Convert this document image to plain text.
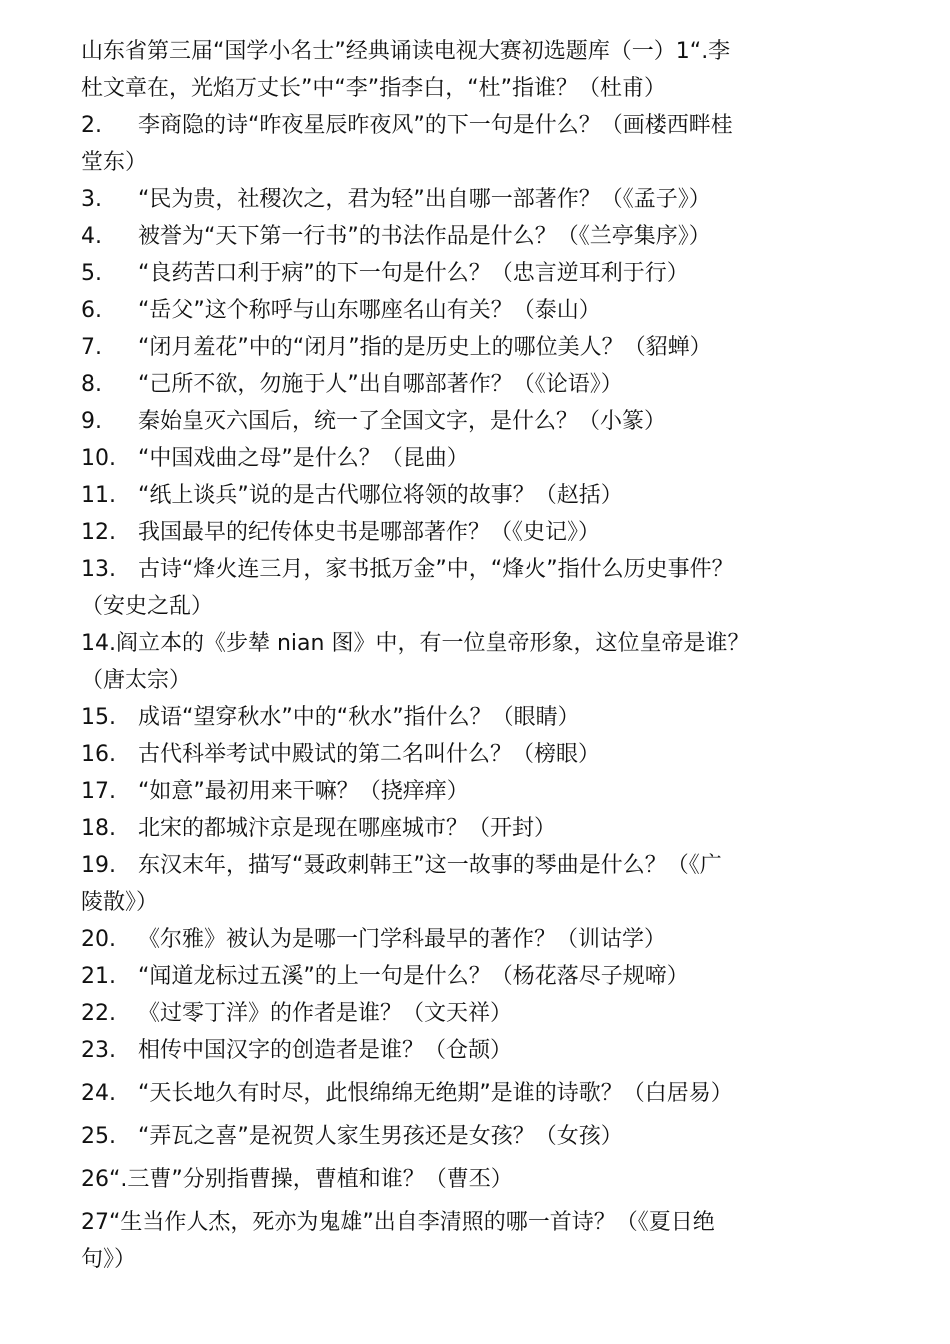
山东省第三届“国学小名士”经典诵读电视大赛初选题库（一）1“.李
杜文章在，光焰万丈长”中“李”指李白，“杜”指谁？（杜甫）
2. 李商隐的诗“昨夜星辰昨夜风”的下一句是什么？（画楼西畔桂
堂东）
3. “民为贵，社稷次之，君为轻”出自哪一部著作？（《孟子》）
4. 被誉为“天下第一行书”的书法作品是什么？（《兰亭集序》）
5. “良药苦口利于病”的下一句是什么？（忠言逆耳利于行）
6. “岳父”这个称呼与山东哪座名山有关？（泰山）
7. “闭月羞花”中的“闭月”指的是历史上的哪位美人？（貂蝉）
8. “己所不欲，勿施于人”出自哪部著作？（《论语》）
9. 秦始皇灭六国后，统一了全国文字，是什么？（小篆）
10. “中国戏曲之母”是什么？（昆曲）
11. “纸上谈兵”说的是古代哪位将领的故事？（赵括）
12. 我国最早的纪传体史书是哪部著作？（《史记》）
13. 古诗“烽火连三月，家书抵万金”中，“烽火”指什么历史事件？
（安史之乱）
14.阎立本的《步辇 nian 图》中，有一位皇帝形象，这位皇帝是谁？
（唐太宗）
15. 成语“望穿秋水”中的“秋水”指什么？（眼睛）
16. 古代科举考试中殿试的第二名叫什么？（榜眼）
17. “如意”最初用来干嘛？（挠痒痒）
18. 北宋的都城汴京是现在哪座城市？（开封）
19. 东汉末年，描写“聂政刺韩王”这一故事的琴曲是什么？（《广
陵散》）
20. 《尔雅》被认为是哪一门学科最早的著作？（训诂学）
21. “闻道龙标过五溪”的上一句是什么？（杨花落尽子规啼）
22. 《过零丁洋》的作者是谁？（文天祥）
23. 相传中国汉字的创造者是谁？（仓颉）
24. “天长地久有时尽，此恨绵绵无绝期”是谁的诗歌？（白居易）
25. “弄瓦之喜”是祝贺人家生男孩还是女孩？（女孩）
26“.三曹”分别指曹操，曹植和谁？（曹丕）
27“生当作人杰，死亦为鬼雄”出自李清照的哪一首诗？（《夏日绝
句》）
